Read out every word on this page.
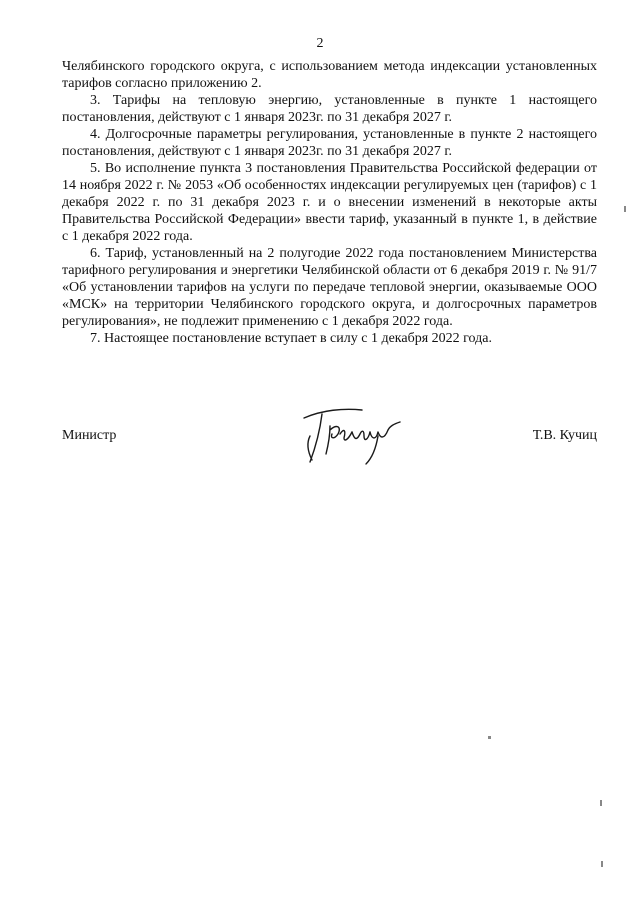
2

Челябинского городского округа, с использованием метода индексации установленных тарифов согласно приложению 2.

3. Тарифы на тепловую энергию, установленные в пункте 1 настоящего постановления, действуют с 1 января 2023г. по 31 декабря 2027 г.

4. Долгосрочные параметры регулирования, установленные в пункте 2 настоящего постановления, действуют с 1 января 2023г. по 31 декабря 2027 г.

5. Во исполнение пункта 3 постановления Правительства Российской федерации от 14 ноября 2022 г. № 2053 «Об особенностях индексации регулируемых цен (тарифов) с 1 декабря 2022 г. по 31 декабря 2023 г. и о внесении изменений в некоторые акты Правительства Российской Федерации» ввести тариф, указанный в пункте 1, в действие с 1 декабря 2022 года.

6. Тариф, установленный на 2 полугодие 2022 года постановлением Министерства тарифного регулирования и энергетики Челябинской области от 6 декабря 2019 г. № 91/7 «Об установлении тарифов на услуги по передаче тепловой энергии, оказываемые ООО «МСК» на территории Челябинского городского округа, и долгосрочных параметров регулирования», не подлежит применению с 1 декабря 2022 года.

7. Настоящее постановление вступает в силу с 1 декабря 2022 года.

Министр	Т.В. Кучиц
